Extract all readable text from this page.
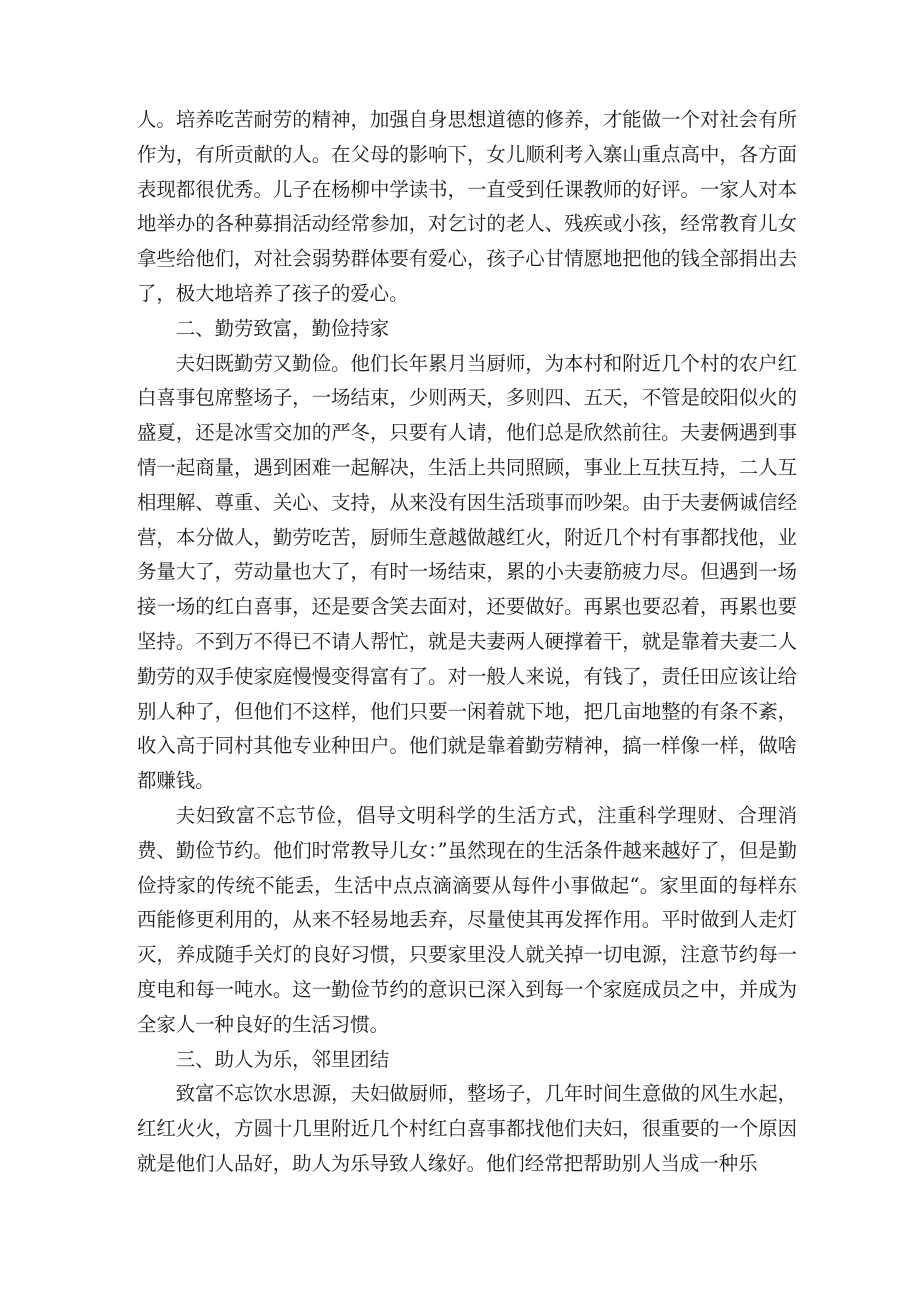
人。培养吃苦耐劳的精神，加强自身思想道德的修养，才能做一个对社会有所作为，有所贡献的人。在父母的影响下，女儿顺利考入寨山重点高中，各方面表现都很优秀。儿子在杨柳中学读书，一直受到任课教师的好评。一家人对本地举办的各种募捐活动经常参加，对乞讨的老人、残疾或小孩，经常教育儿女拿些给他们，对社会弱势群体要有爱心，孩子心甘情愿地把他的钱全部捐出去了，极大地培养了孩子的爱心。

二、勤劳致富，勤俭持家

夫妇既勤劳又勤俭。他们长年累月当厨师，为本村和附近几个村的农户红白喜事包席整场子，一场结束，少则两天，多则四、五天，不管是皎阳似火的盛夏，还是冰雪交加的严冬，只要有人请，他们总是欣然前往。夫妻俩遇到事情一起商量，遇到困难一起解决，生活上共同照顾，事业上互扶互持，二人互相理解、尊重、关心、支持，从来没有因生活琐事而吵架。由于夫妻俩诚信经营，本分做人，勤劳吃苦，厨师生意越做越红火，附近几个村有事都找他，业务量大了，劳动量也大了，有时一场结束，累的小夫妻筋疲力尽。但遇到一场接一场的红白喜事，还是要含笑去面对，还要做好。再累也要忍着，再累也要坚持。不到万不得已不请人帮忙，就是夫妻两人硬撑着干，就是靠着夫妻二人勤劳的双手使家庭慢慢变得富有了。对一般人来说，有钱了，责任田应该让给别人种了，但他们不这样，他们只要一闲着就下地，把几亩地整的有条不紊，收入高于同村其他专业种田户。他们就是靠着勤劳精神，搞一样像一样，做啥都赚钱。

夫妇致富不忘节俭，倡导文明科学的生活方式，注重科学理财、合理消费、勤俭节约。他们时常教导儿女：”虽然现在的生活条件越来越好了，但是勤俭持家的传统不能丢，生活中点点滴滴要从每件小事做起“。家里面的每样东西能修更利用的，从来不轻易地丢弃，尽量使其再发挥作用。平时做到人走灯灭，养成随手关灯的良好习惯，只要家里没人就关掉一切电源，注意节约每一度电和每一吨水。这一勤俭节约的意识已深入到每一个家庭成员之中，并成为全家人一种良好的生活习惯。

三、助人为乐，邻里团结

致富不忘饮水思源，夫妇做厨师，整场子，几年时间生意做的风生水起，红红火火，方圆十几里附近几个村红白喜事都找他们夫妇，很重要的一个原因就是他们人品好，助人为乐导致人缘好。他们经常把帮助别人当成一种乐
